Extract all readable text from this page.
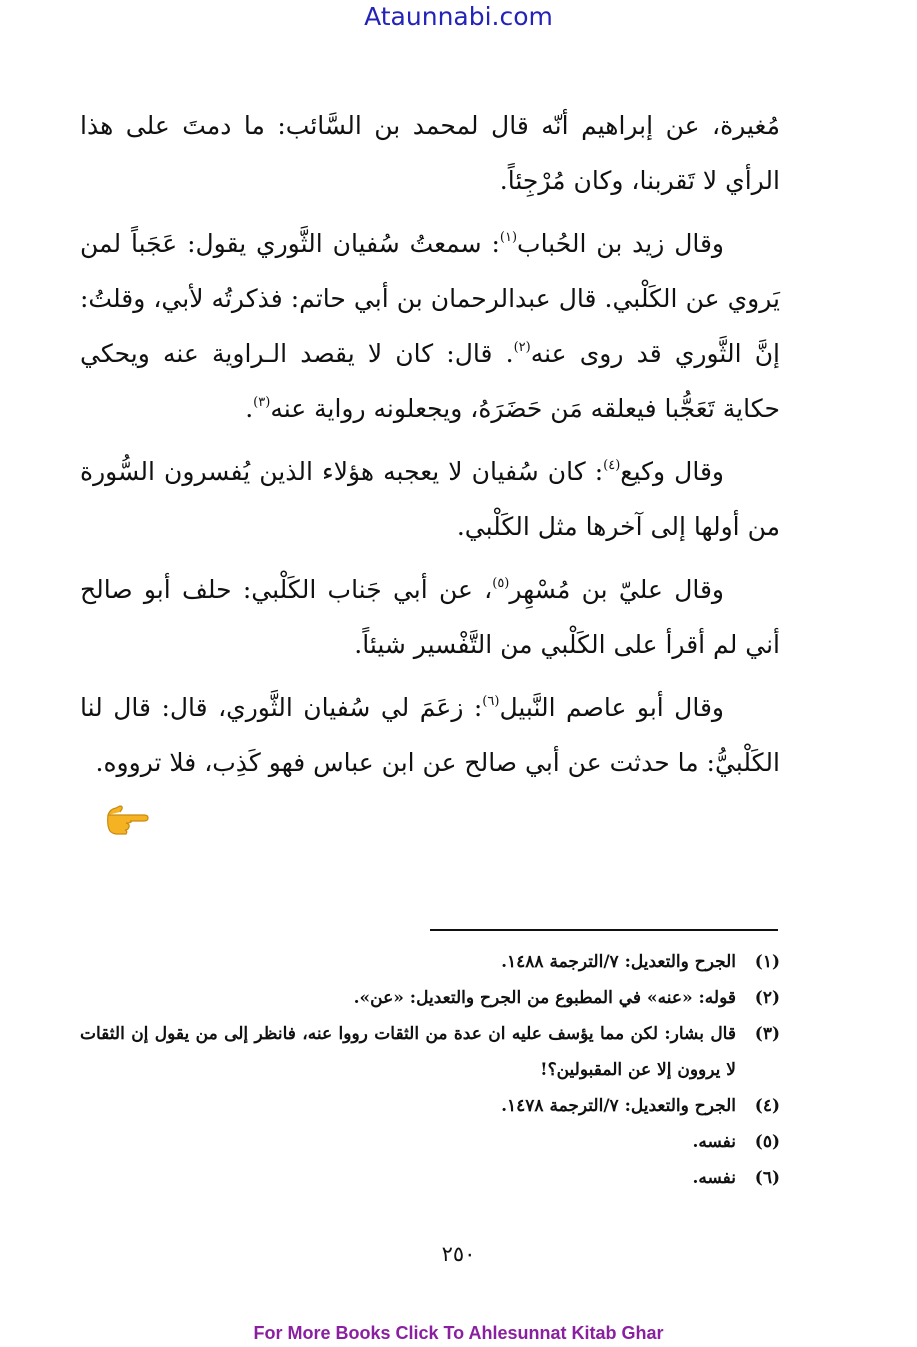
Ataunnabi.com

مُغيرة، عن إبراهيم أنّه قال لمحمد بن السَّائب: ما دمتَ على هذا الرأي لا تَقربنا، وكان مُرْجِئاً.

وقال زيد بن الحُباب$^{(١)}$: سمعتُ سُفيان الثَّوري يقول: عَجَباً لمن يَروي عن الكَلْبي. قال عبدالرحمان بن أبي حاتم: فذكرتُه لأبي، وقلتُ: إنَّ الثَّوري قد روى عنه$^{(٢)}$. قال: كان لا يقصد الـراوية عنه ويحكي حكاية تَعَجُّبا فيعلقه مَن حَضَرَهُ، ويجعلونه رواية عنه$^{(٣)}$.

وقال وكيع$^{(٤)}$: كان سُفيان لا يعجبه هؤلاء الذين يُفسرون السُّورة من أولها إلى آخرها مثل الكَلْبي.

وقال عليّ بن مُسْهِر$^{(٥)}$، عن أبي جَناب الكَلْبي: حلف أبو صالح أني لم أقرأ على الكَلْبي من التَّفْسير شيئاً.

وقال أبو عاصم النَّبيل$^{(٦)}$: زعَمَ لي سُفيان الثَّوري، قال: قال لنا الكَلْبيُّ: ما حدثت عن أبي صالح عن ابن عباس فهو كَذِب، فلا ترووه.

(١)
الجرح والتعديل: ٧/الترجمة ١٤٨٨.
(٢)
قوله: «عنه» في المطبوع من الجرح والتعديل: «عن».
(٣)
قال بشار: لكن مما يؤسف عليه ان عدة من الثقات رووا عنه، فانظر إلى من يقول إن الثقات لا يروون إلا عن المقبولين؟!
(٤)
الجرح والتعديل: ٧/الترجمة ١٤٧٨.
(٥)
نفسه.
(٦)
نفسه.
٢٥٠
For More Books Click To Ahlesunnat Kitab Ghar
